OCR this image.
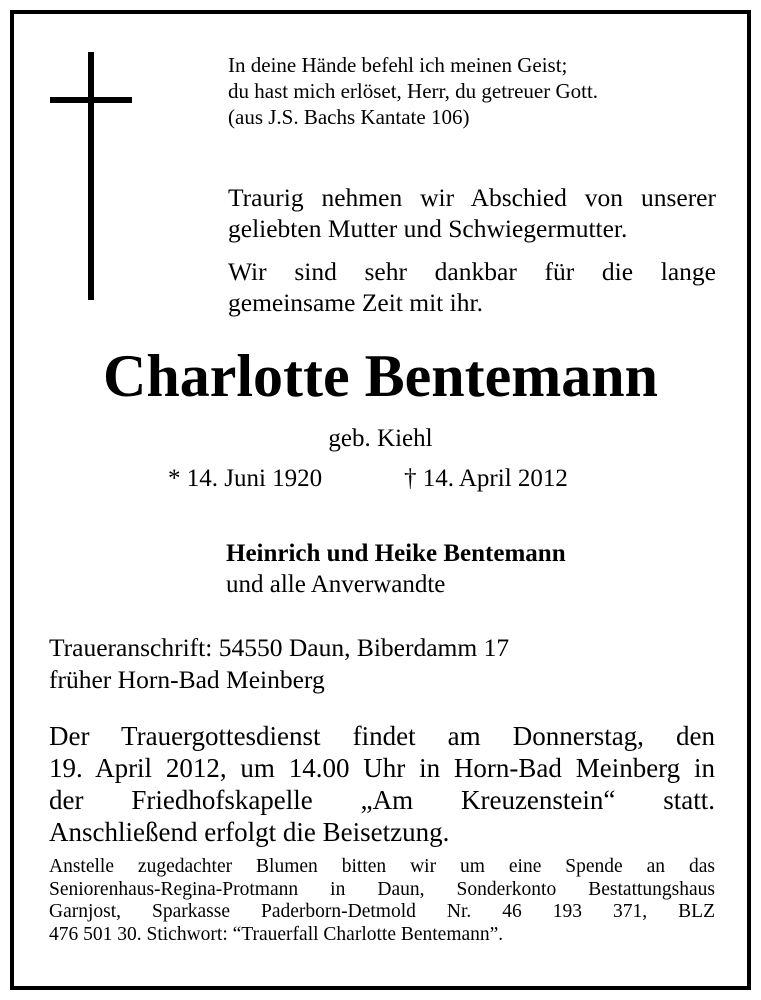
In deine Hände befehl ich meinen Geist;
du hast mich erlöset, Herr, du getreuer Gott.
(aus J.S. Bachs Kantate 106)
Traurig nehmen wir Abschied von unserer
geliebten Mutter und Schwiegermutter.
Wir sind sehr dankbar für die lange
gemeinsame Zeit mit ihr.
Charlotte Bentemann
geb. Kiehl
* 14. Juni 1920	† 14. April 2012
Heinrich und Heike Bentemann
und alle Anverwandte
Traueranschrift: 54550 Daun, Biberdamm 17
früher Horn-Bad Meinberg
Der Trauergottesdienst findet am Donnerstag, den
19. April 2012, um 14.00 Uhr in Horn-Bad Meinberg in
der Friedhofskapelle „Am Kreuzenstein“ statt.
Anschließend erfolgt die Beisetzung.
Anstelle zugedachter Blumen bitten wir um eine Spende an das
Seniorenhaus-Regina-Protmann in Daun, Sonderkonto Bestattungshaus
Garnjost, Sparkasse Paderborn-Detmold Nr. 46 193 371, BLZ
476 501 30. Stichwort: “Trauerfall Charlotte Bentemann”.
